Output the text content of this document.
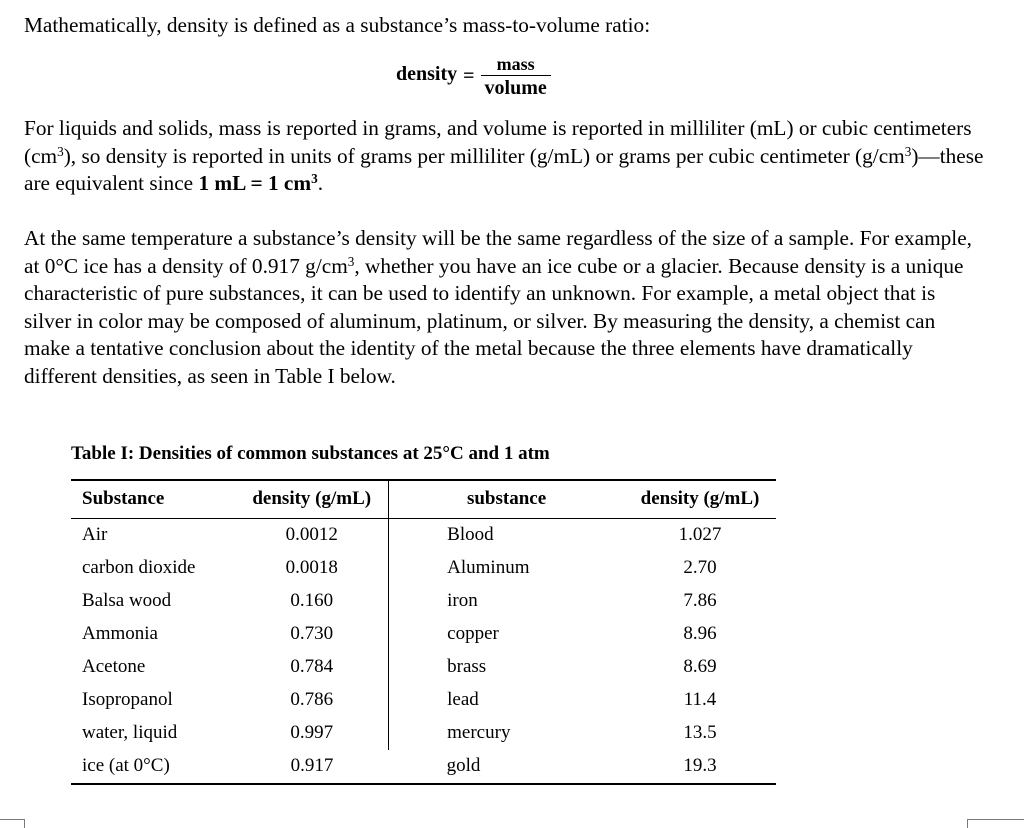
Mathematically, density is defined as a substance’s mass-to-volume ratio:

density = $\frac{\text{mass}}{\text{volume}}$

For liquids and solids, mass is reported in grams, and volume is reported in milliliter (mL) or cubic centimeters $(cm^3)$, so density is reported in units of grams per milliliter (g/mL) or grams per cubic centimeter $(g/cm^3)—these$ are equivalent since 1 mL = 1 $cm^3$.

At the same temperature a substance’s density will be the same regardless of the size of a sample. For example, at 0°C ice has a density of 0.917 $g/cm^3$, whether you have an ice cube or a glacier. Because density is a unique characteristic of pure substances, it can be used to identify an unknown. For example, a metal object that is silver in color may be composed of aluminum, platinum, or silver. By measuring the density, a chemist can make a tentative conclusion about the identity of the metal because the three elements have dramatically different densities, as seen in Table I below.

Table I: Densities of common substances at 25°C and 1 atm
Substance	density (g/mL)	substance	density (g/mL)
Air	0.0012	Blood	1.027
carbon dioxide	0.0018	Aluminum	2.70
Balsa wood	0.160	iron	7.86
Ammonia	0.730	copper	8.96
Acetone	0.784	brass	8.69
Isopropanol	0.786	lead	11.4
water, liquid	0.997	mercury	13.5
ice (at 0°C)	0.917	gold	19.3
